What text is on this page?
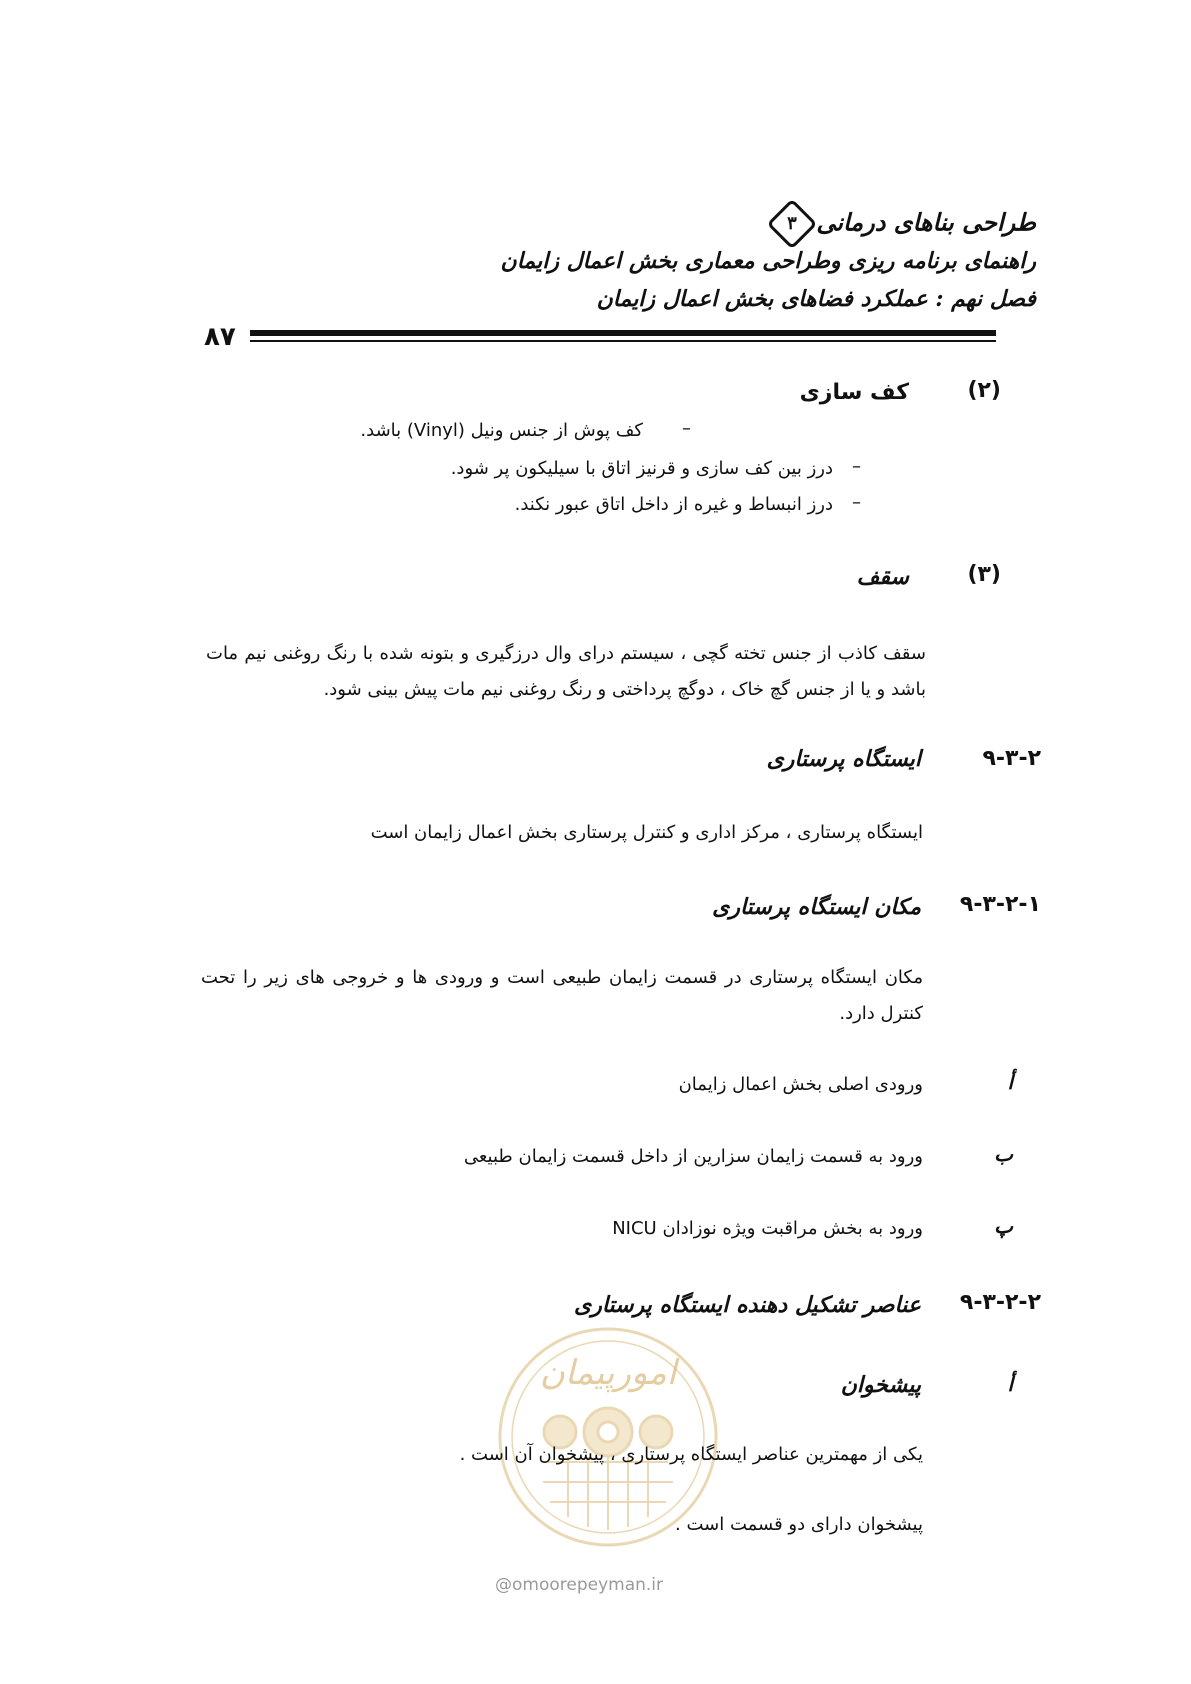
طراحی بناهای درمانی
۳
راهنمای برنامه ریزی وطراحی معماری بخش اعمال زایمان
فصل نهم : عملکرد فضاهای بخش اعمال زایمان
۸۷
(۲)
کف سازی
کف پوش از جنس ونیل (Vinyl) باشد. –
درز بین کف سازی و قرنیز اتاق با سیلیکون پر شود. –
درز انبساط و غیره از داخل اتاق عبور نکند. –
(۳)
سقف
سقف کاذب از جنس تخته گچی ، سیستم درای وال درزگیری و بتونه شده با رنگ روغنی نیم مات باشد و یا از جنس گچ خاک ، دوگچ پرداختی و رنگ روغنی نیم مات پیش بینی شود.
۹-۳-۲
ایستگاه پرستاری
ایستگاه پرستاری ، مرکز اداری و کنترل پرستاری بخش اعمال زایمان است
۹-۳-۲-۱
مکان ایستگاه پرستاری
مکان ایستگاه پرستاری در قسمت زایمان طبیعی است و ورودی ها و خروجی های زیر را تحت کنترل دارد.
أ
ورودی اصلی بخش اعمال زایمان
ب
ورود به قسمت زایمان سزارین از داخل قسمت زایمان طبیعی
پ
ورود به بخش مراقبت ویژه نوزادان NICU
۹-۳-۲-۲
عناصر تشکیل دهنده ایستگاه پرستاری
أ
پیشخوان
امورپیمان
یکی از مهمترین عناصر ایستگاه پرستاری ، پیشخوان آن است .
پیشخوان دارای دو قسمت است .
@omoorepeyman.ir
